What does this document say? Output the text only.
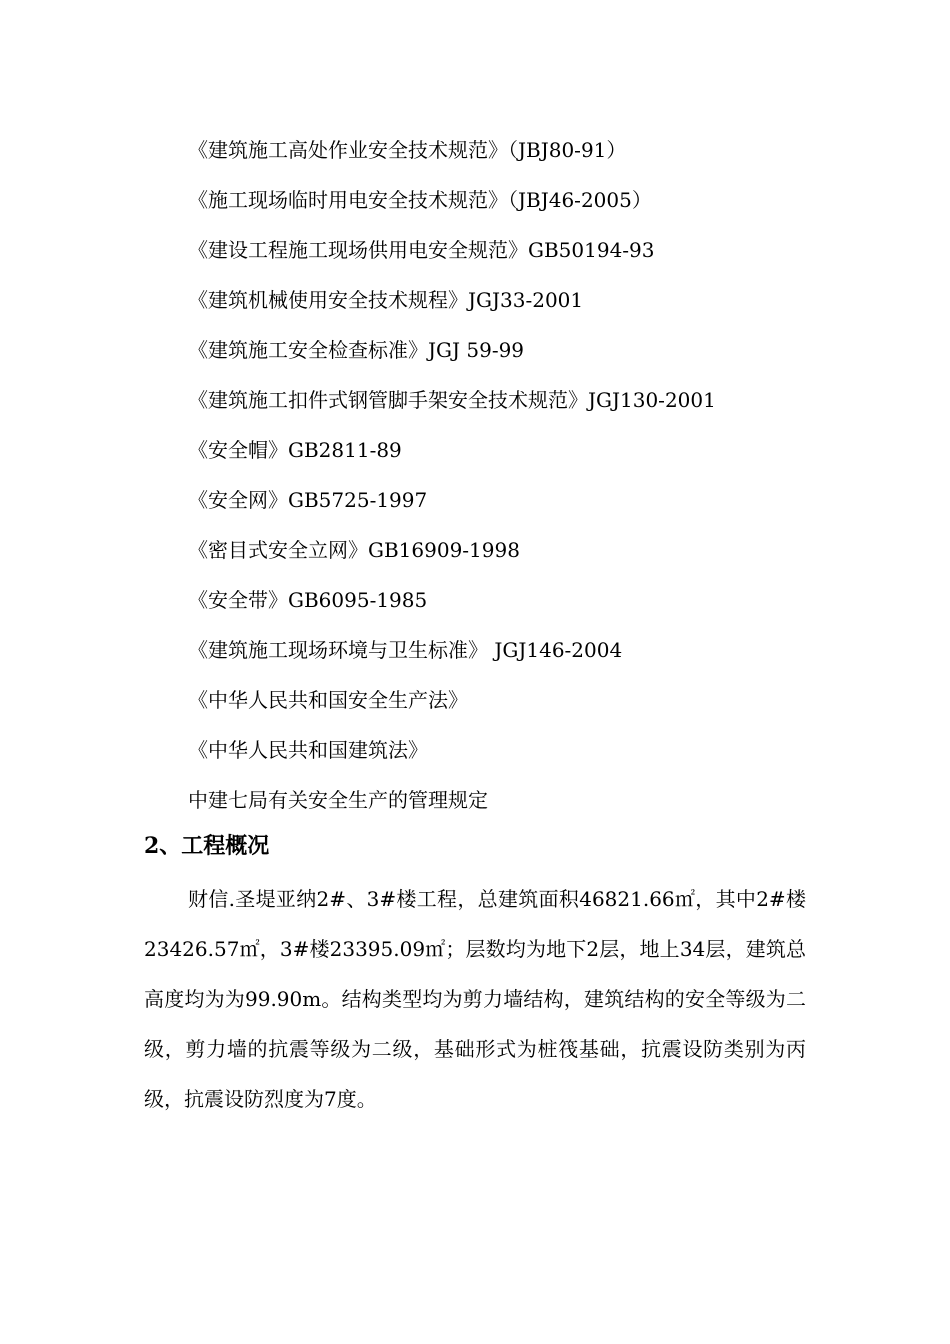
《建筑施工高处作业安全技术规范》（JBJ80-91）
《施工现场临时用电安全技术规范》（JBJ46-2005）
《建设工程施工现场供用电安全规范》GB50194-93
《建筑机械使用安全技术规程》JGJ33-2001
《建筑施工安全检查标准》JGJ 59-99
《建筑施工扣件式钢管脚手架安全技术规范》JGJ130-2001
《安全帽》GB2811-89
《安全网》GB5725-1997
《密目式安全立网》GB16909-1998
《安全带》GB6095-1985
《建筑施工现场环境与卫生标准》 JGJ146-2004
《中华人民共和国安全生产法》
《中华人民共和国建筑法》
中建七局有关安全生产的管理规定
2、工程概况

财信.圣堤亚纳2#、3#楼工程，总建筑面积46821.66㎡，其中2#楼 23426.57㎡，3#楼23395.09㎡；层数均为地下2层，地上34层，建筑总高度均为为99.90m。结构类型均为剪力墙结构，建筑结构的安全等级为二级，剪力墙的抗震等级为二级，基础形式为桩筏基础，抗震设防类别为丙级，抗震设防烈度为7度。
